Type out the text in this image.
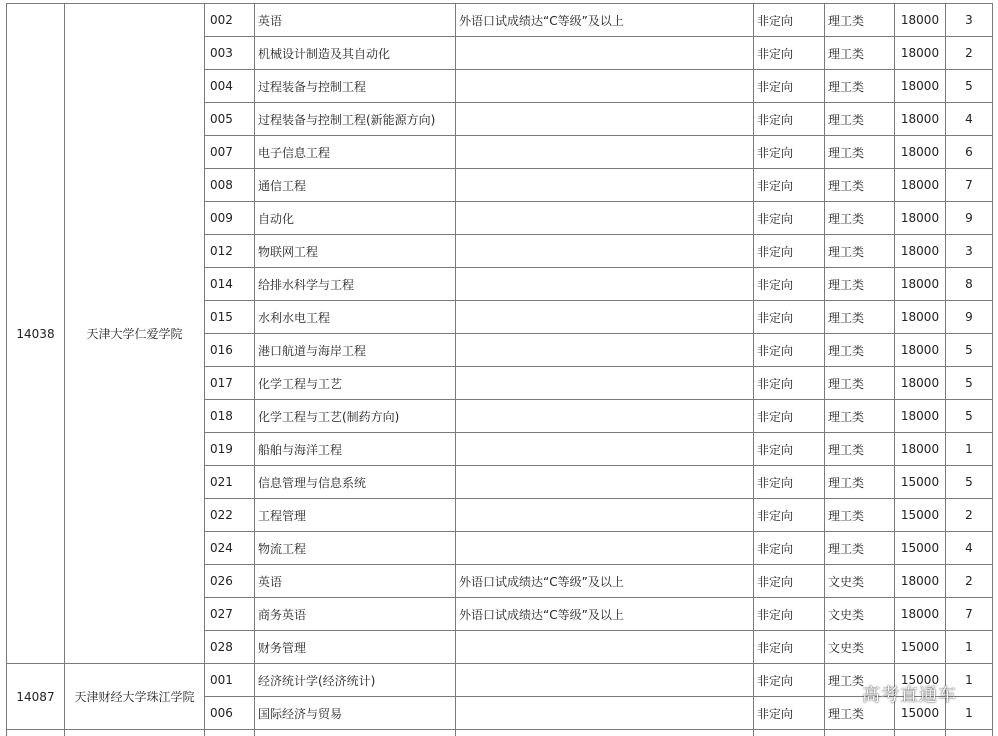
14038	天津大学仁爱学院	002	英语	外语口试成绩达“C等级”及以上	非定向	理工类	18000	3
		003	机械设计制造及其自动化		非定向	理工类	18000	2
		004	过程装备与控制工程		非定向	理工类	18000	5
		005	过程装备与控制工程(新能源方向)		非定向	理工类	18000	4
		007	电子信息工程		非定向	理工类	18000	6
		008	通信工程		非定向	理工类	18000	7
		009	自动化		非定向	理工类	18000	9
		012	物联网工程		非定向	理工类	18000	3
		014	给排水科学与工程		非定向	理工类	18000	8
		015	水利水电工程		非定向	理工类	18000	9
		016	港口航道与海岸工程		非定向	理工类	18000	5
		017	化学工程与工艺		非定向	理工类	18000	5
		018	化学工程与工艺(制药方向)		非定向	理工类	18000	5
		019	船舶与海洋工程		非定向	理工类	18000	1
		021	信息管理与信息系统		非定向	理工类	15000	5
		022	工程管理		非定向	理工类	15000	2
		024	物流工程		非定向	理工类	15000	4
		026	英语	外语口试成绩达“C等级”及以上	非定向	文史类	18000	2
		027	商务英语	外语口试成绩达“C等级”及以上	非定向	文史类	18000	7
		028	财务管理		非定向	文史类	15000	1
14087	天津财经大学珠江学院	001	经济统计学(经济统计)		非定向	理工类	15000	1
		006	国际经济与贸易		非定向	理工类	15000	1

高考直通车
